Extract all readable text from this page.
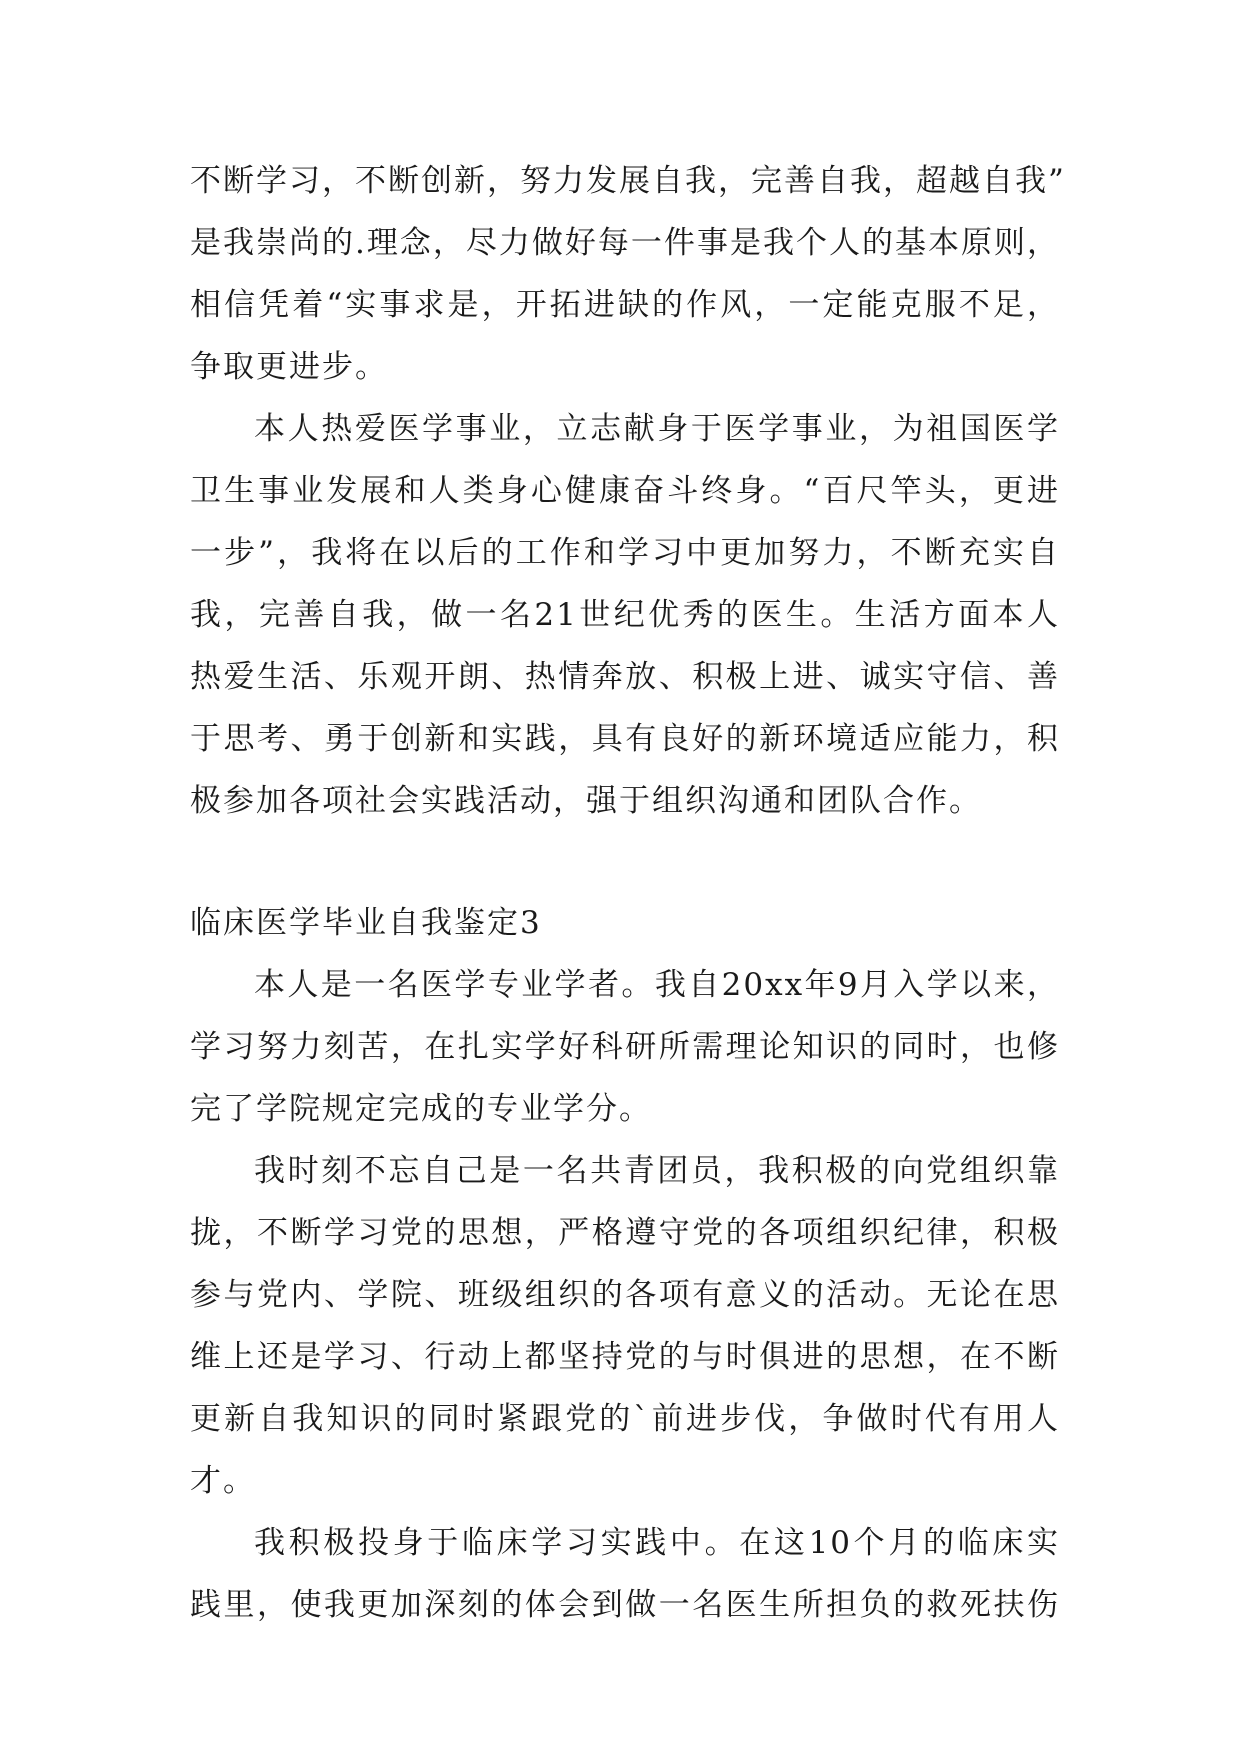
不断学习，不断创新，努力发展自我，完善自我，超越自我”
是我崇尚的.理念，尽力做好每一件事是我个人的基本原则，
相信凭着“实事求是，开拓进缺的作风，一定能克服不足，
争取更进步。
本人热爱医学事业，立志献身于医学事业，为祖国医学
卫生事业发展和人类身心健康奋斗终身。“百尺竿头，更进
一步”，我将在以后的工作和学习中更加努力，不断充实自
我，完善自我，做一名21世纪优秀的医生。生活方面本人
热爱生活、乐观开朗、热情奔放、积极上进、诚实守信、善
于思考、勇于创新和实践，具有良好的新环境适应能力，积
极参加各项社会实践活动，强于组织沟通和团队合作。
临床医学毕业自我鉴定3
本人是一名医学专业学者。我自20xx年9月入学以来，
学习努力刻苦，在扎实学好科研所需理论知识的同时，也修
完了学院规定完成的专业学分。
我时刻不忘自己是一名共青团员，我积极的向党组织靠
拢，不断学习党的思想，严格遵守党的各项组织纪律，积极
参与党内、学院、班级组织的各项有意义的活动。无论在思
维上还是学习、行动上都坚持党的与时俱进的思想，在不断
更新自我知识的同时紧跟党的`前进步伐，争做时代有用人
才。
我积极投身于临床学习实践中。在这10个月的临床实
践里，使我更加深刻的体会到做一名医生所担负的救死扶伤
